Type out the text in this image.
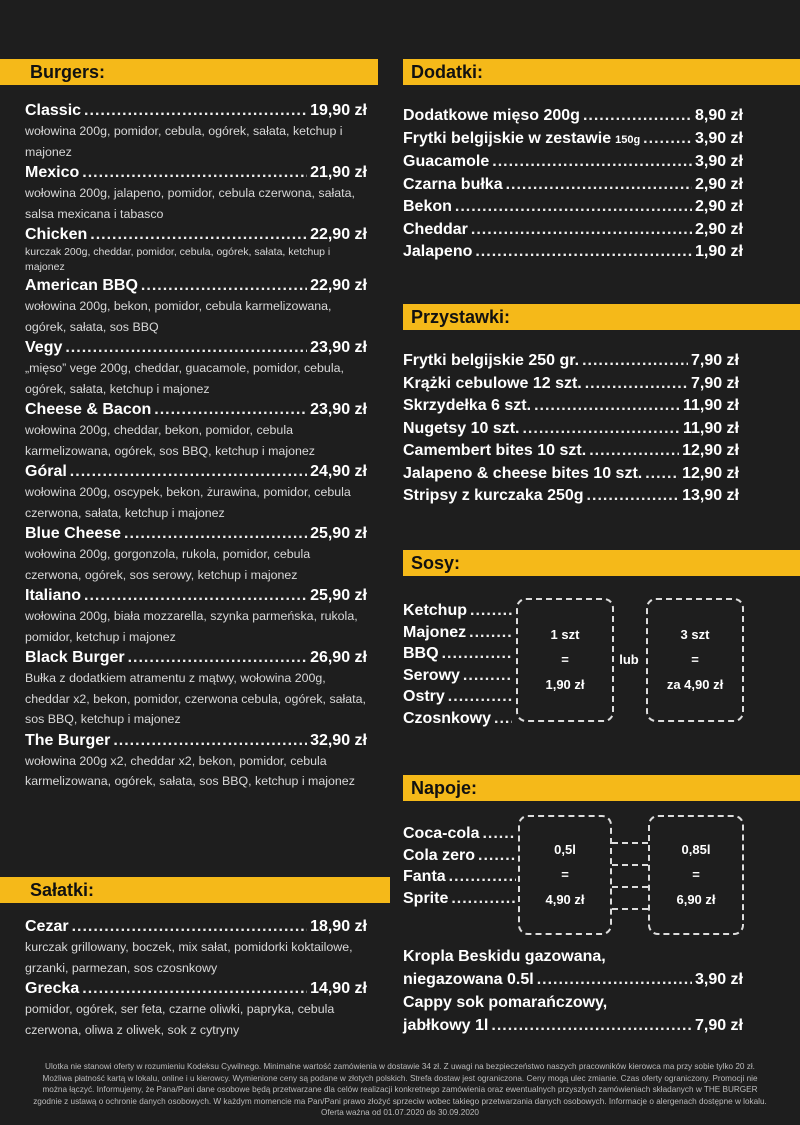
Burgers:
Classic .....	19,90 zł
wołowina 200g, pomidor, cebula, ogórek, sałata, ketchup i majonez
Mexico .....	21,90 zł
wołowina 200g, jalapeno, pomidor, cebula czerwona, sałata, salsa mexicana i tabasco
Chicken .....	22,90 zł
kurczak 200g, cheddar, pomidor, cebula, ogórek, sałata, ketchup i majonez
American BBQ .....	22,90 zł
wołowina 200g, bekon, pomidor, cebula karmelizowana, ogórek, sałata, sos BBQ
Vegy .....	23,90 zł
„mięso” vege 200g, cheddar, guacamole, pomidor, cebula, ogórek, sałata, ketchup i majonez
Cheese & Bacon .....	23,90 zł
wołowina 200g, cheddar, bekon, pomidor, cebula karmelizowana, ogórek, sos BBQ, ketchup i majonez
Góral .....	24,90 zł
wołowina 200g, oscypek, bekon, żurawina, pomidor, cebula czerwona, sałata, ketchup i majonez
Blue Cheese .....	25,90 zł
wołowina 200g, gorgonzola, rukola, pomidor, cebula czerwona, ogórek, sos serowy, ketchup i majonez
Italiano .....	25,90 zł
wołowina 200g, biała mozzarella, szynka parmeńska, rukola, pomidor, ketchup i majonez
Black Burger .....	26,90 zł
Bułka z dodatkiem atramentu z mątwy, wołowina 200g, cheddar x2, bekon, pomidor, czerwona cebula, ogórek, sałata, sos BBQ, ketchup i majonez
The Burger .....	32,90 zł
wołowina 200g x2, cheddar x2, bekon, pomidor, cebula karmelizowana, ogórek, sałata, sos BBQ, ketchup i majonez
Sałatki:
Cezar .....	18,90 zł
kurczak grillowany, boczek, mix sałat, pomidorki koktailowe, grzanki, parmezan, sos czosnkowy
Grecka .....	14,90 zł
pomidor, ogórek, ser feta, czarne oliwki, papryka, cebula czerwona, oliwa z oliwek, sok z cytryny
Dodatki:
Dodatkowe mięso 200g .....	8,90 zł
Frytki belgijskie w zestawie 150g .....	3,90 zł
Guacamole .....	3,90 zł
Czarna bułka .....	2,90 zł
Bekon .....	2,90 zł
Cheddar .....	2,90 zł
Jalapeno .....	1,90 zł
Przystawki:
Frytki belgijskie 250 gr. .....	7,90 zł
Krążki cebulowe 12 szt. .....	7,90 zł
Skrzydełka 6 szt. .....	11,90 zł
Nugetsy 10 szt. .....	11,90 zł
Camembert bites 10 szt. .....	12,90 zł
Jalapeno & cheese bites 10 szt. ..... 12,90 zł
Stripsy z kurczaka 250g .....	13,90 zł
Sosy:
Ketchup
.....
Majonez
.....
BBQ
.....
Serowy
.....
Ostry
.....
Czosnkowy
.....
1 szt
=
1,90 zł
lub
3 szt
=
za 4,90 zł
Napoje:
Coca-cola
.....
Cola zero
.....
Fanta
.....
Sprite
.....
0,5l
=
4,90 zł
0,85l
=
6,90 zł
Kropla Beskidu gazowana,
niegazowana 0.5l .....	3,90 zł
Cappy sok pomarańczowy,
jabłkowy 1l .....	7,90 zł
Ulotka nie stanowi oferty w rozumieniu Kodeksu Cywilnego. Minimalne wartość zamówienia w dostawie 34 zł. Z uwagi na bezpieczeństwo naszych pracowników kierowca ma przy sobie tylko 20 zł. Możliwa płatność kartą w lokalu, online i u kierowcy. Wymienione ceny są podane w złotych polskich. Strefa dostaw jest ograniczona. Ceny mogą ulec zmianie. Czas oferty ograniczony. Promocji nie można łączyć. Informujemy, że Pana/Pani dane osobowe będą przetwarzane dla celów realizacji konkretnego zamówienia oraz ewentualnych przyszłych zamówieniach składanych w THE BURGER zgodnie z ustawą o ochronie danych osobowych. W każdym momencie ma Pan/Pani prawo złożyć sprzeciw wobec takiego przetwarzania danych osobowych. Informacje o alergenach dostępne w lokalu. Oferta ważna od 01.07.2020 do 30.09.2020
